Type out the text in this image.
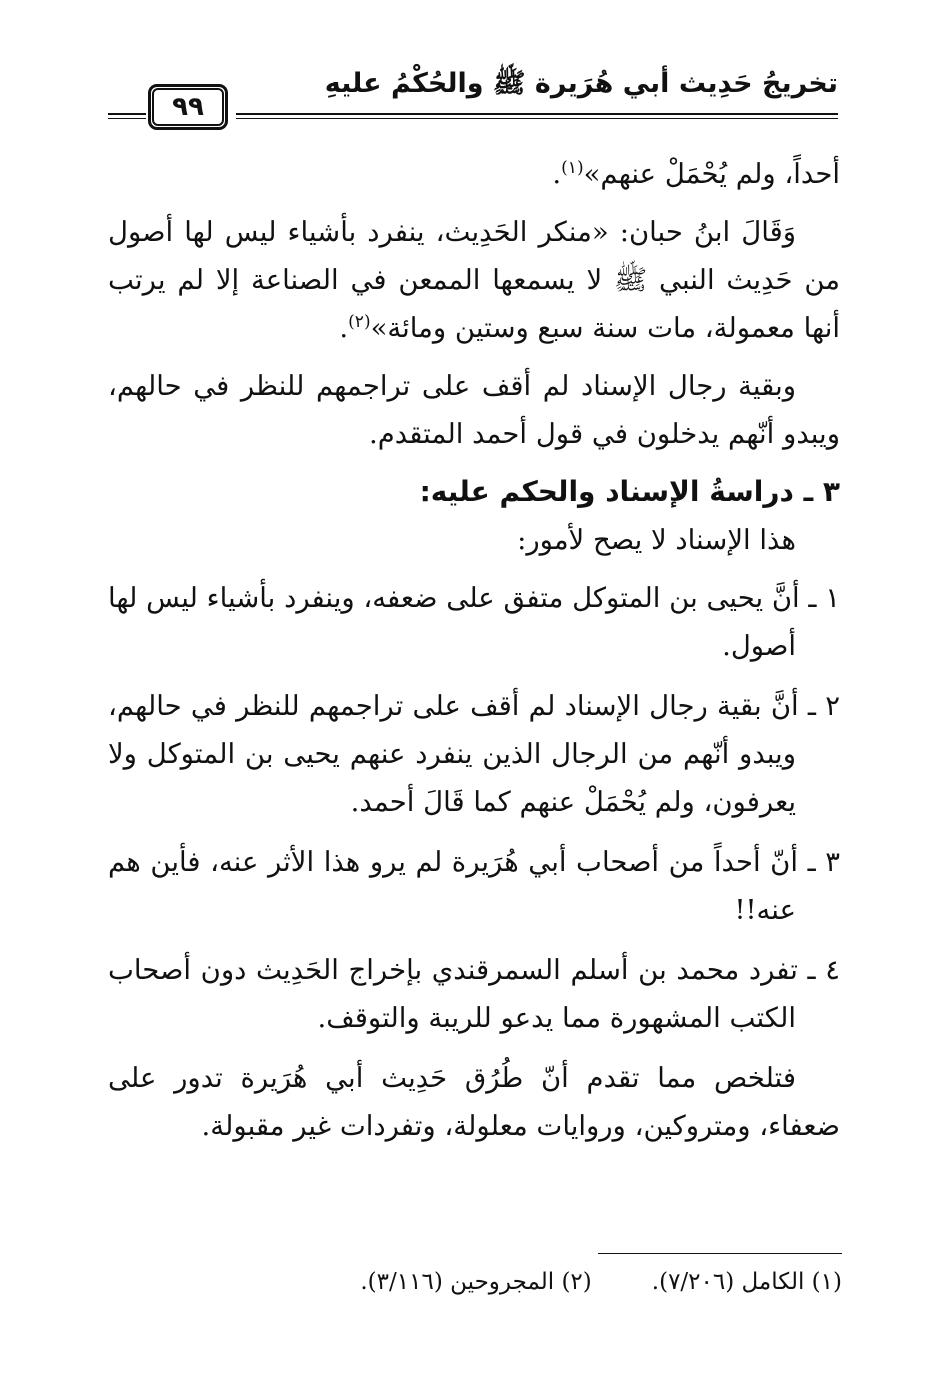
تخريجُ حَدِيث أبي هُرَيرة ﷺ والحُكْمُ عليهِ
٩٩

أحداً، ولم يُحْمَلْ عنهم»$^{(١)}$.

وَقَالَ ابنُ حبان: «منكر الحَدِيث، ينفرد بأشياء ليس لها أصول من حَدِيث النبي ﷺ لا يسمعها الممعن في الصناعة إلا لم يرتب أنها معمولة، مات سنة سبع وستين ومائة»$^{(٢)}$.

وبقية رجال الإسناد لم أقف على تراجمهم للنظر في حالهم، ويبدو أنّهم يدخلون في قول أحمد المتقدم.

٣ ـ دراسةُ الإسناد والحكم عليه:

هذا الإسناد لا يصح لأمور:

١ ـ أنَّ يحيى بن المتوكل متفق على ضعفه، وينفرد بأشياء ليس لها أصول.

٢ ـ أنَّ بقية رجال الإسناد لم أقف على تراجمهم للنظر في حالهم، ويبدو أنّهم من الرجال الذين ينفرد عنهم يحيى بن المتوكل ولا يعرفون، ولم يُحْمَلْ عنهم كما قَالَ أحمد.

٣ ـ أنّ أحداً من أصحاب أبي هُرَيرة لم يرو هذا الأثر عنه، فأين هم عنه!!

٤ ـ تفرد محمد بن أسلم السمرقندي بإخراج الحَدِيث دون أصحاب الكتب المشهورة مما يدعو للريبة والتوقف.

فتلخص مما تقدم أنّ طُرُق حَدِيث أبي هُرَيرة تدور على ضعفاء، ومتروكين، وروايات معلولة، وتفردات غير مقبولة.

(١) الكامل (٧/٢٠٦).
(٢) المجروحين (٣/١١٦).
